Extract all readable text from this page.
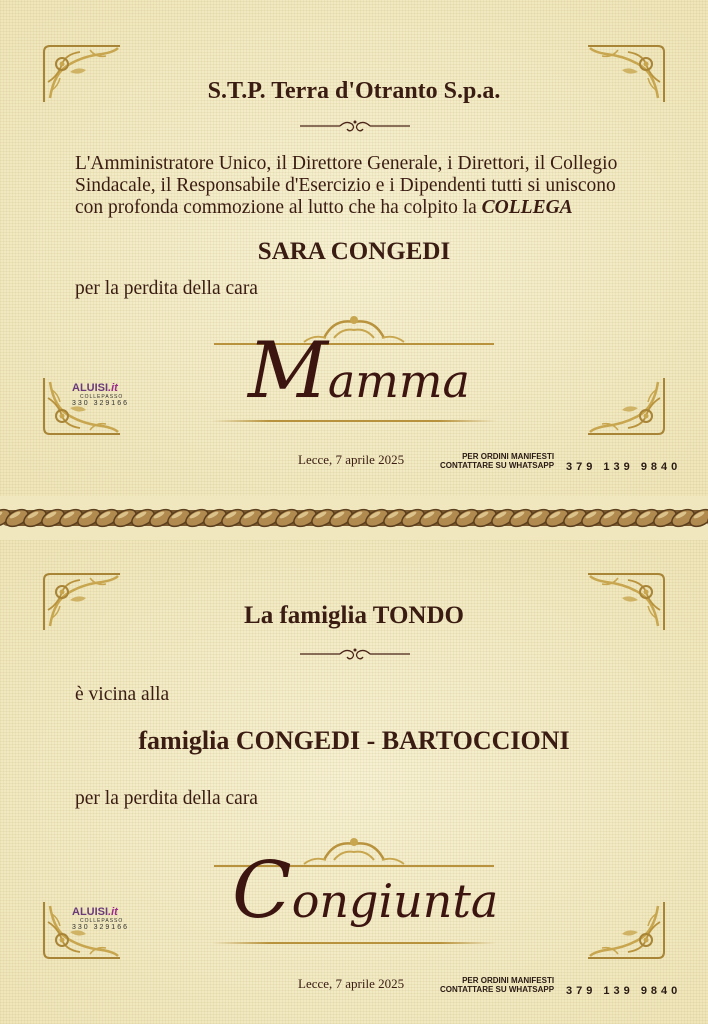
S.T.P. Terra d'Otranto S.p.a.
L'Amministratore Unico, il Direttore Generale, i Direttori, il Collegio
Sindacale, il Responsabile d'Esercizio e i Dipendenti tutti si uniscono
con profonda commozione al lutto che ha colpito la COLLEGA
SARA CONGEDI
per la perdita della cara
Mamma
Lecce, 7 aprile 2025
ALUISI.it
COLLEPASSO
330 329166
PER ORDINI MANIFESTI
CONTATTARE SU WHATSAPP 379 139 9840
La famiglia TONDO
è vicina alla
famiglia CONGEDI - BARTOCCIONI
per la perdita della cara
Congiunta
Lecce, 7 aprile 2025
ALUISI.it
COLLEPASSO
330 329166
PER ORDINI MANIFESTI
CONTATTARE SU WHATSAPP 379 139 9840
